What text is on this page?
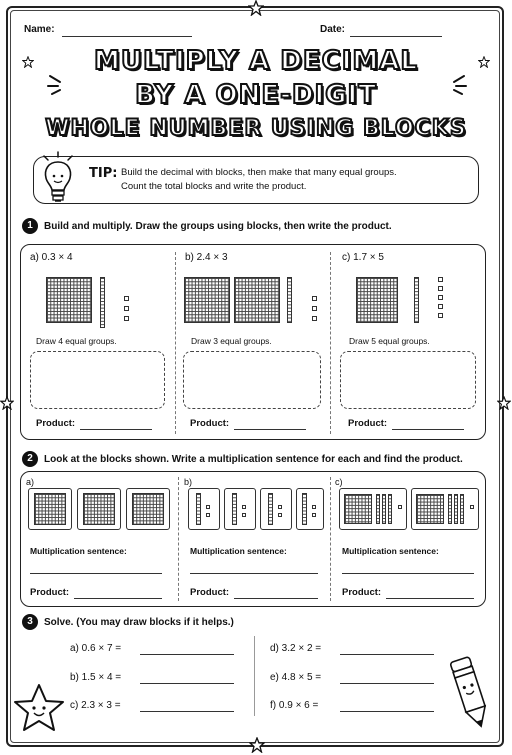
Name:	Date:
MULTIPLY A DECIMAL
BY A ONE-DIGIT
WHOLE NUMBER USING BLOCKS
TIP: Build the decimal with blocks, then make that many equal groups.
Count the total blocks and write the product.
1	Build and multiply. Draw the groups using blocks, then write the product.
a) 0.3 × 4
Draw 4 equal groups.
Product:
b) 2.4 × 3
Draw 3 equal groups.
Product:
c) 1.7 × 5
Draw 5 equal groups.
Product:
2	Look at the blocks shown. Write a multiplication sentence for each and find the product.
a)
Multiplication sentence:
Product:
b)
Multiplication sentence:
Product:
c)
Multiplication sentence:
Product:
3	Solve. (You may draw blocks if it helps.)
a) 0.6 × 7 =
b) 1.5 × 4 =
c) 2.3 × 3 =
d) 3.2 × 2 =
e) 4.8 × 5 =
f) 0.9 × 6 =
